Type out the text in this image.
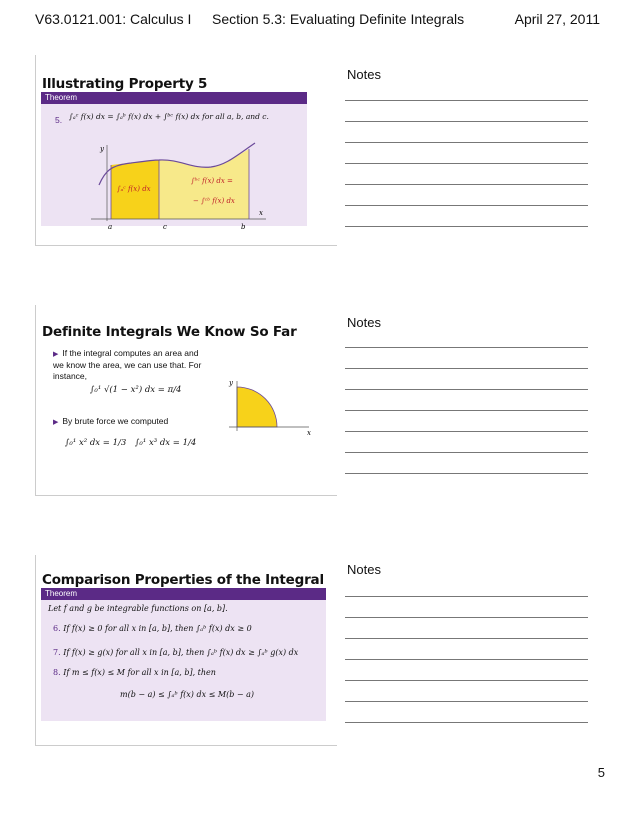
V63.0121.001: Calculus I Section 5.3: Evaluating Definite Integrals	April 27, 2011
Illustrating Property 5
Theorem
5. ∫ₐᶜ f(x) dx = ∫ₐᵇ f(x) dx + ∫ᵇᶜ f(x) dx for all a, b, and c.
y
x
a	c	b
∫ₐᶜ f(x) dx
∫ᵇᶜ f(x) dx =
− ∫ᶜᵇ f(x) dx
Definite Integrals We Know So Far
▶ If the integral computes an area and we know the area, we can use that. For instance,
∫₀¹ √(1 − x²) dx = π/4
▶ By brute force we computed
∫₀¹ x² dx = 1/3 ∫₀¹ x³ dx = 1/4
y
x
Comparison Properties of the Integral
Theorem
Let f and g be integrable functions on [a, b].
6. If f(x) ≥ 0 for all x in [a, b], then ∫ₐᵇ f(x) dx ≥ 0
7. If f(x) ≥ g(x) for all x in [a, b], then ∫ₐᵇ f(x) dx ≥ ∫ₐᵇ g(x) dx
8. If m ≤ f(x) ≤ M for all x in [a, b], then
m(b − a) ≤ ∫ₐᵇ f(x) dx ≤ M(b − a)
Notes
Notes
Notes
5
